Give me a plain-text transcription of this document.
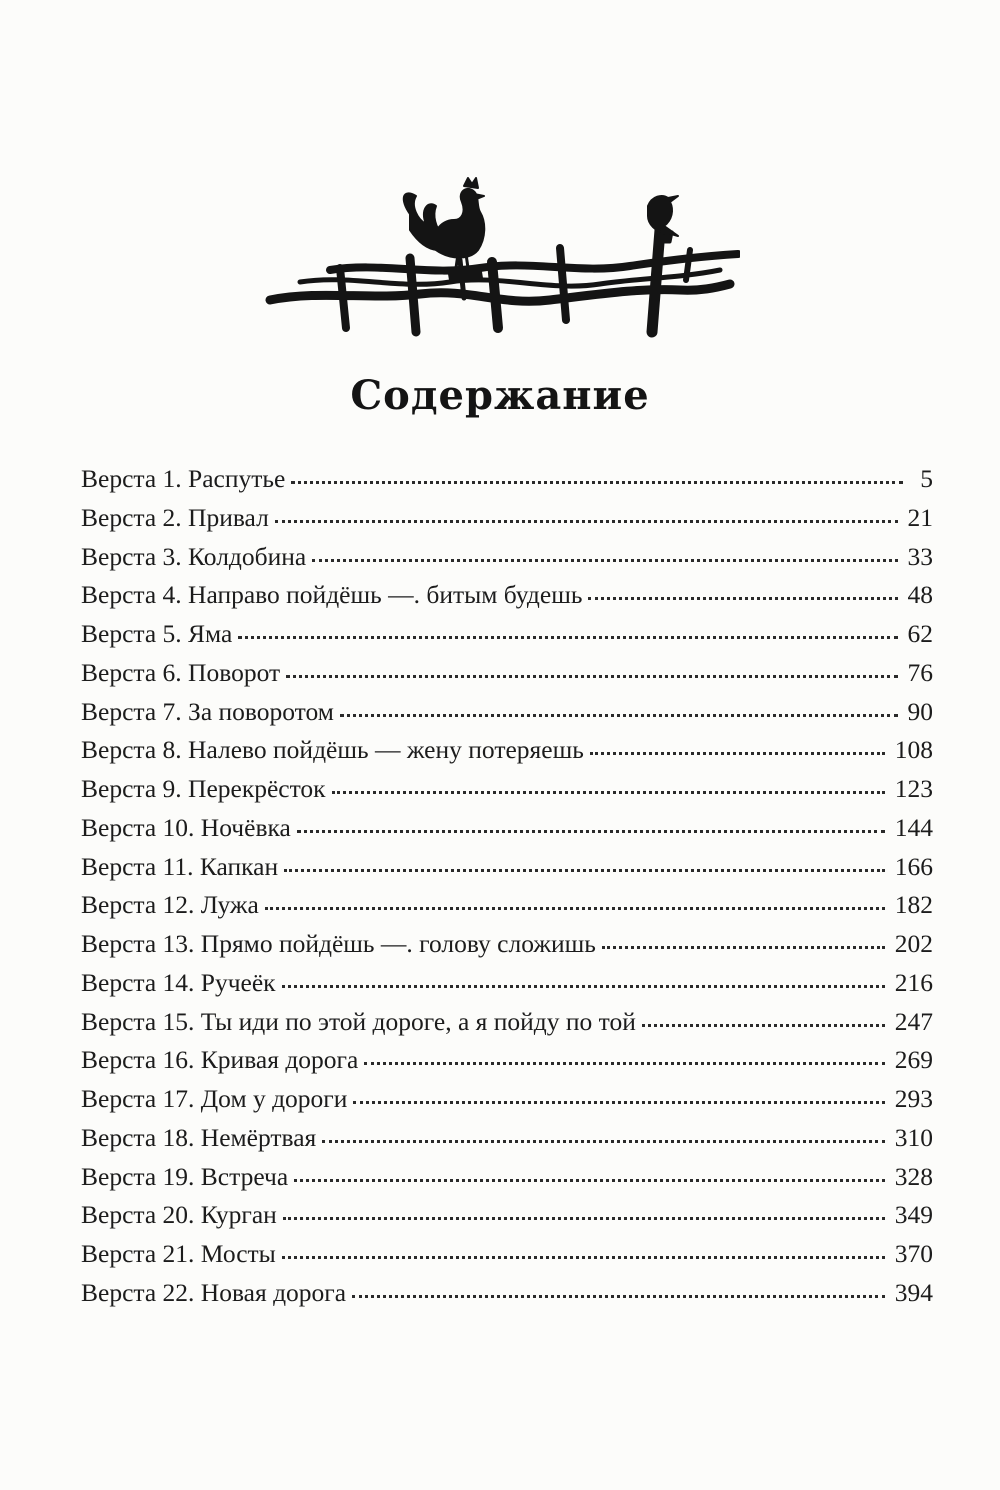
Содержание
Верста 1. Распутье	5
Верста 2. Привал	21
Верста 3. Колдобина	33
Верста 4. Направо пойдёшь —. битым будешь	48
Верста 5. Яма	62
Верста 6. Поворот	76
Верста 7. За поворотом	90
Верста 8. Налево пойдёшь — жену потеряешь	108
Верста 9. Перекрёсток	123
Верста 10. Ночёвка	144
Верста 11. Капкан	166
Верста 12. Лужа	182
Верста 13. Прямо пойдёшь —. голову сложишь	202
Верста 14. Ручеёк	216
Верста 15. Ты иди по этой дороге, а я пойду по той	247
Верста 16. Кривая дорога	269
Верста 17. Дом у дороги	293
Верста 18. Немёртвая	310
Верста 19. Встреча	328
Верста 20. Курган	349
Верста 21. Мосты	370
Верста 22. Новая дорога	394
